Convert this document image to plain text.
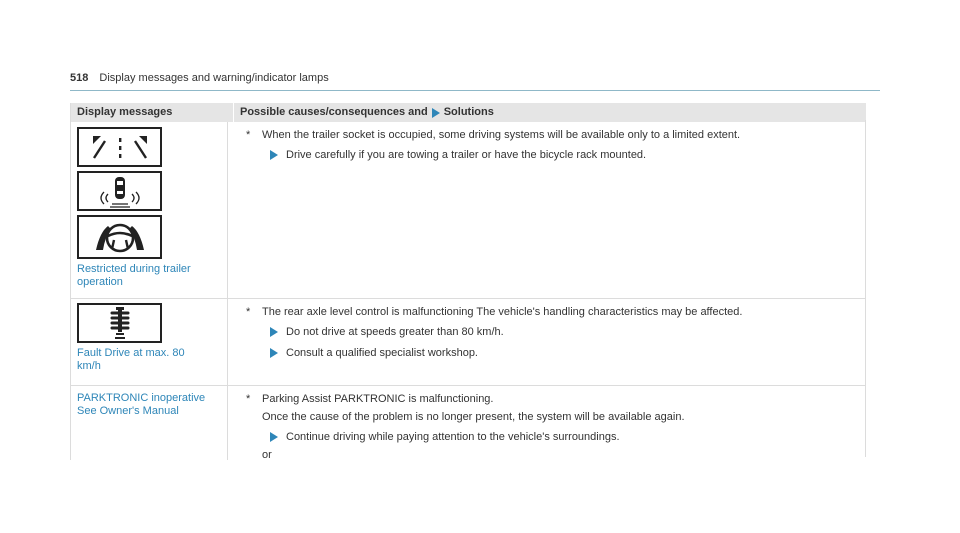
518 Display messages and warning/indicator lamps
Display messages	Possible causes/consequences and Solutions
Restricted during trailer operation
* When the trailer socket is occupied, some driving systems will be available only to a limited extent.
Drive carefully if you are towing a trailer or have the bicycle rack mounted.
Fault Drive at max. 80
km/h
* The rear axle level control is malfunctioning The vehicle's handling characteristics may be affected.
Do not drive at speeds greater than 80 km/h.
Consult a qualified specialist workshop.
PARKTRONIC inoperative
See Owner's Manual
* Parking Assist PARKTRONIC is malfunctioning.
Once the cause of the problem is no longer present, the system will be available again.
Continue driving while paying attention to the vehicle's surroundings.
or
